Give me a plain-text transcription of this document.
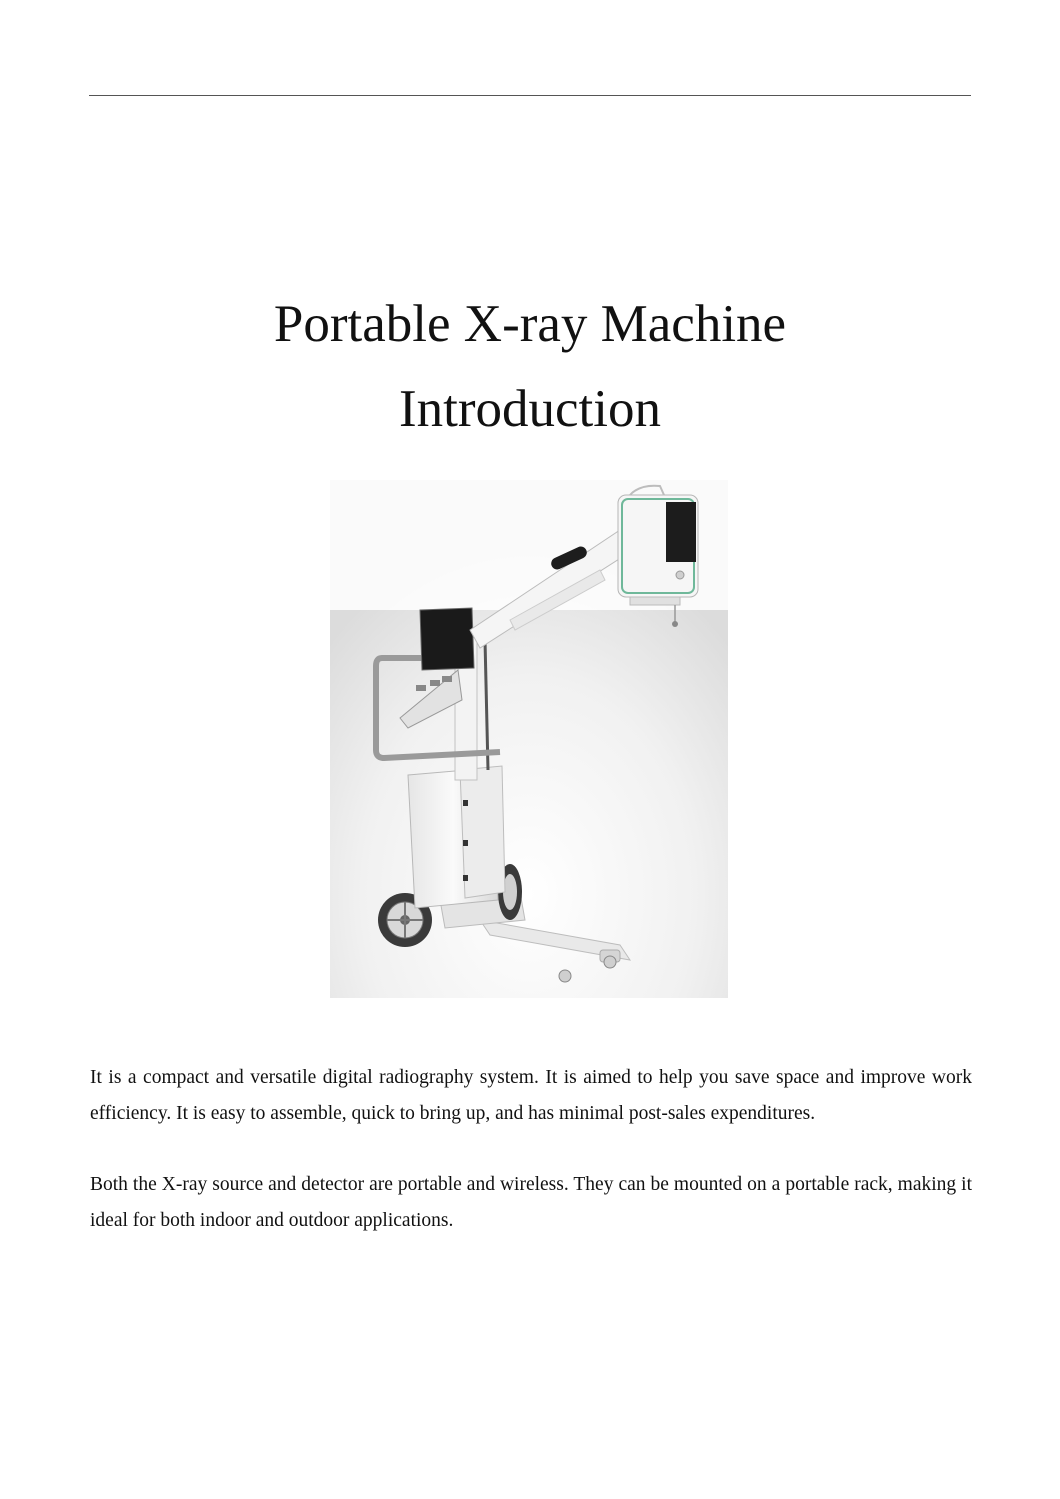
Portable X-ray Machine
Introduction

It is a compact and versatile digital radiography system. It is aimed to help you save space and improve work efficiency. It is easy to assemble, quick to bring up, and has minimal post-sales expenditures.

Both the X-ray source and detector are portable and wireless. They can be mounted on a portable rack, making it ideal for both indoor and outdoor applications.
